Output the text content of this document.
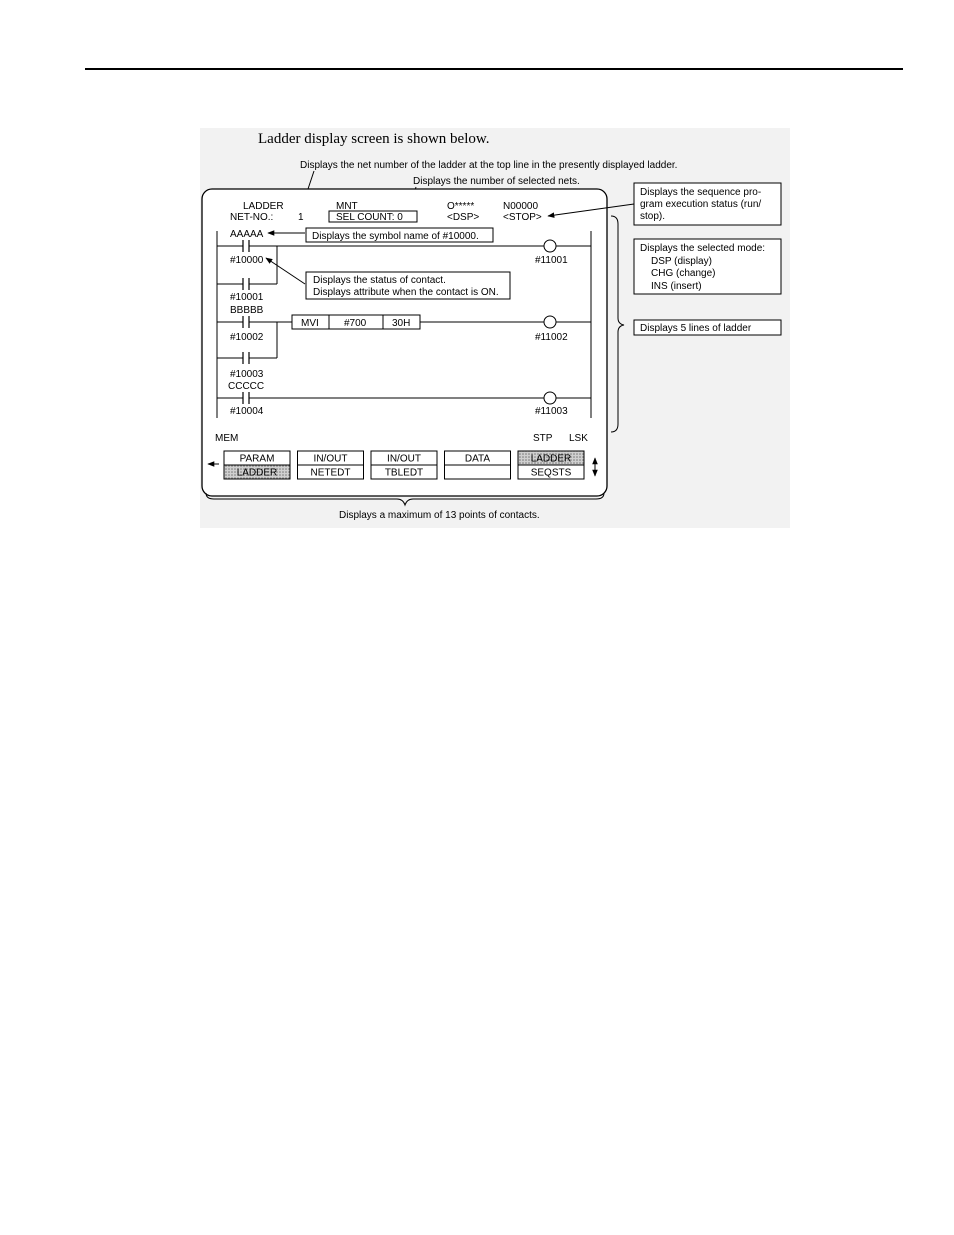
Ladder display screen is shown below.
Displays the net number of the ladder at the top line in the presently displayed ladder.
Displays the number of selected nets.
LADDER
NET-NO.: 1
MNT
SEL COUNT: 0
O*****	N00000
<DSP> <STOP>
Displays the sequence pro-
gram execution status (run/
stop).
AAAAA	Displays the symbol name of #10000.
#10000	#11001
#10001
Displays the status of contact.
Displays attribute when the contact is ON.
Displays the selected mode:
DSP (display)
CHG (change)
INS (insert)
BBBBB
MVI	#700	30H
#10002	#11002
#10003
CCCCC
#10004	#11003
Displays 5 lines of ladder
MEM	STP LSK
PARAM
LADDER
IN/OUT
NETEDT
IN/OUT
TBLEDT
DATA	LADDER
SEQSTS
Displays a maximum of 13 points of contacts.
